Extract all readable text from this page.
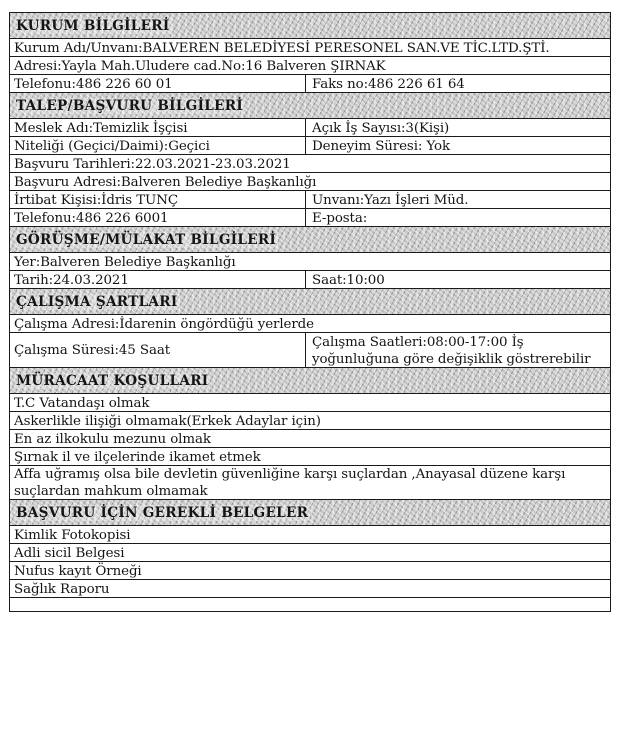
KURUM BİLGİLERİ
Kurum Adı/Unvanı:BALVEREN BELEDİYESİ PERESONEL SAN.VE TİC.LTD.ŞTİ.
Adresi:Yayla Mah.Uludere cad.No:16 Balveren ŞIRNAK
Telefonu:486 226 60 01	Faks no:486 226 61 64
TALEP/BAŞVURU BİLGİLERİ
Meslek Adı:Temizlik İşçisi	Açık İş Sayısı:3(Kişi)
Niteliği (Geçici/Daimi):Geçici	Deneyim Süresi: Yok
Başvuru Tarihleri:22.03.2021-23.03.2021
Başvuru Adresi:Balveren Belediye Başkanlığı
İrtibat Kişisi:İdris TUNÇ	Unvanı:Yazı İşleri Müd.
Telefonu:486 226 6001	E-posta:
GÖRÜŞME/MÜLAKAT BİLGİLERİ
Yer:Balveren Belediye Başkanlığı
Tarih:24.03.2021	Saat:10:00
ÇALIŞMA ŞARTLARI
Çalışma Adresi:İdarenin öngördüğü yerlerde
Çalışma Süresi:45 Saat
Çalışma Saatleri:08:00-17:00 İş yoğunluğuna göre değişiklik göstrerebilir
MÜRACAAT KOŞULLARI
T.C Vatandaşı olmak
Askerlikle ilişiği olmamak(Erkek Adaylar için)
En az ilkokulu mezunu olmak
Şırnak il ve ilçelerinde ikamet etmek
Affa uğramış olsa bile devletin güvenliğine karşı suçlardan ,Anayasal düzene karşı suçlardan mahkum olmamak
BAŞVURU İÇİN GEREKLİ BELGELER
Kimlik Fotokopisi
Adli sicil Belgesi
Nufus kayıt Örneği
Sağlık Raporu
